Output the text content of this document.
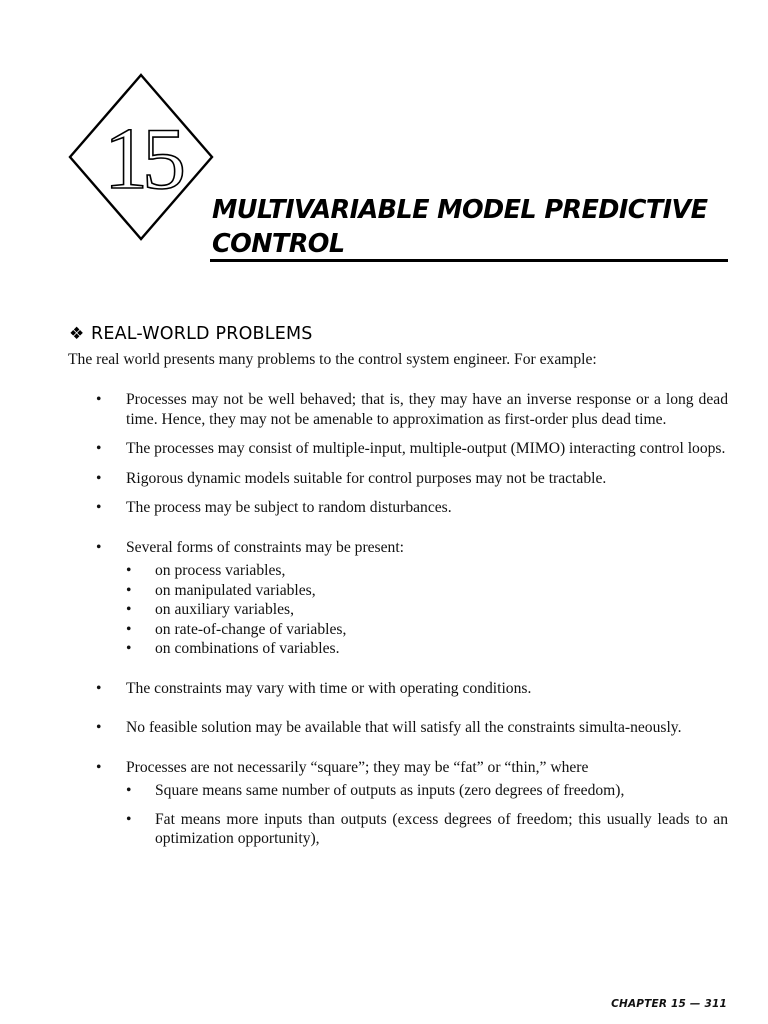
15
MULTIVARIABLE MODEL PREDICTIVE
CONTROL
❖ REAL-WORLD PROBLEMS

The real world presents many problems to the control system engineer. For example:

• Processes may not be well behaved; that is, they may have an inverse response or a long dead time. Hence, they may not be amenable to approximation as first-order plus dead time.
• The processes may consist of multiple-input, multiple-output (MIMO) interacting control loops.
• Rigorous dynamic models suitable for control purposes may not be tractable.
• The process may be subject to random disturbances.
• Several forms of constraints may be present:
• on process variables,
• on manipulated variables,
• on auxiliary variables,
• on rate-of-change of variables,
• on combinations of variables.
• The constraints may vary with time or with operating conditions.
• No feasible solution may be available that will satisfy all the constraints simulta-neously.
• Processes are not necessarily “square”; they may be “fat” or “thin,” where
• Square means same number of outputs as inputs (zero degrees of freedom),
• Fat means more inputs than outputs (excess degrees of freedom; this usually leads to an optimization opportunity),

CHAPTER 15 — 311
